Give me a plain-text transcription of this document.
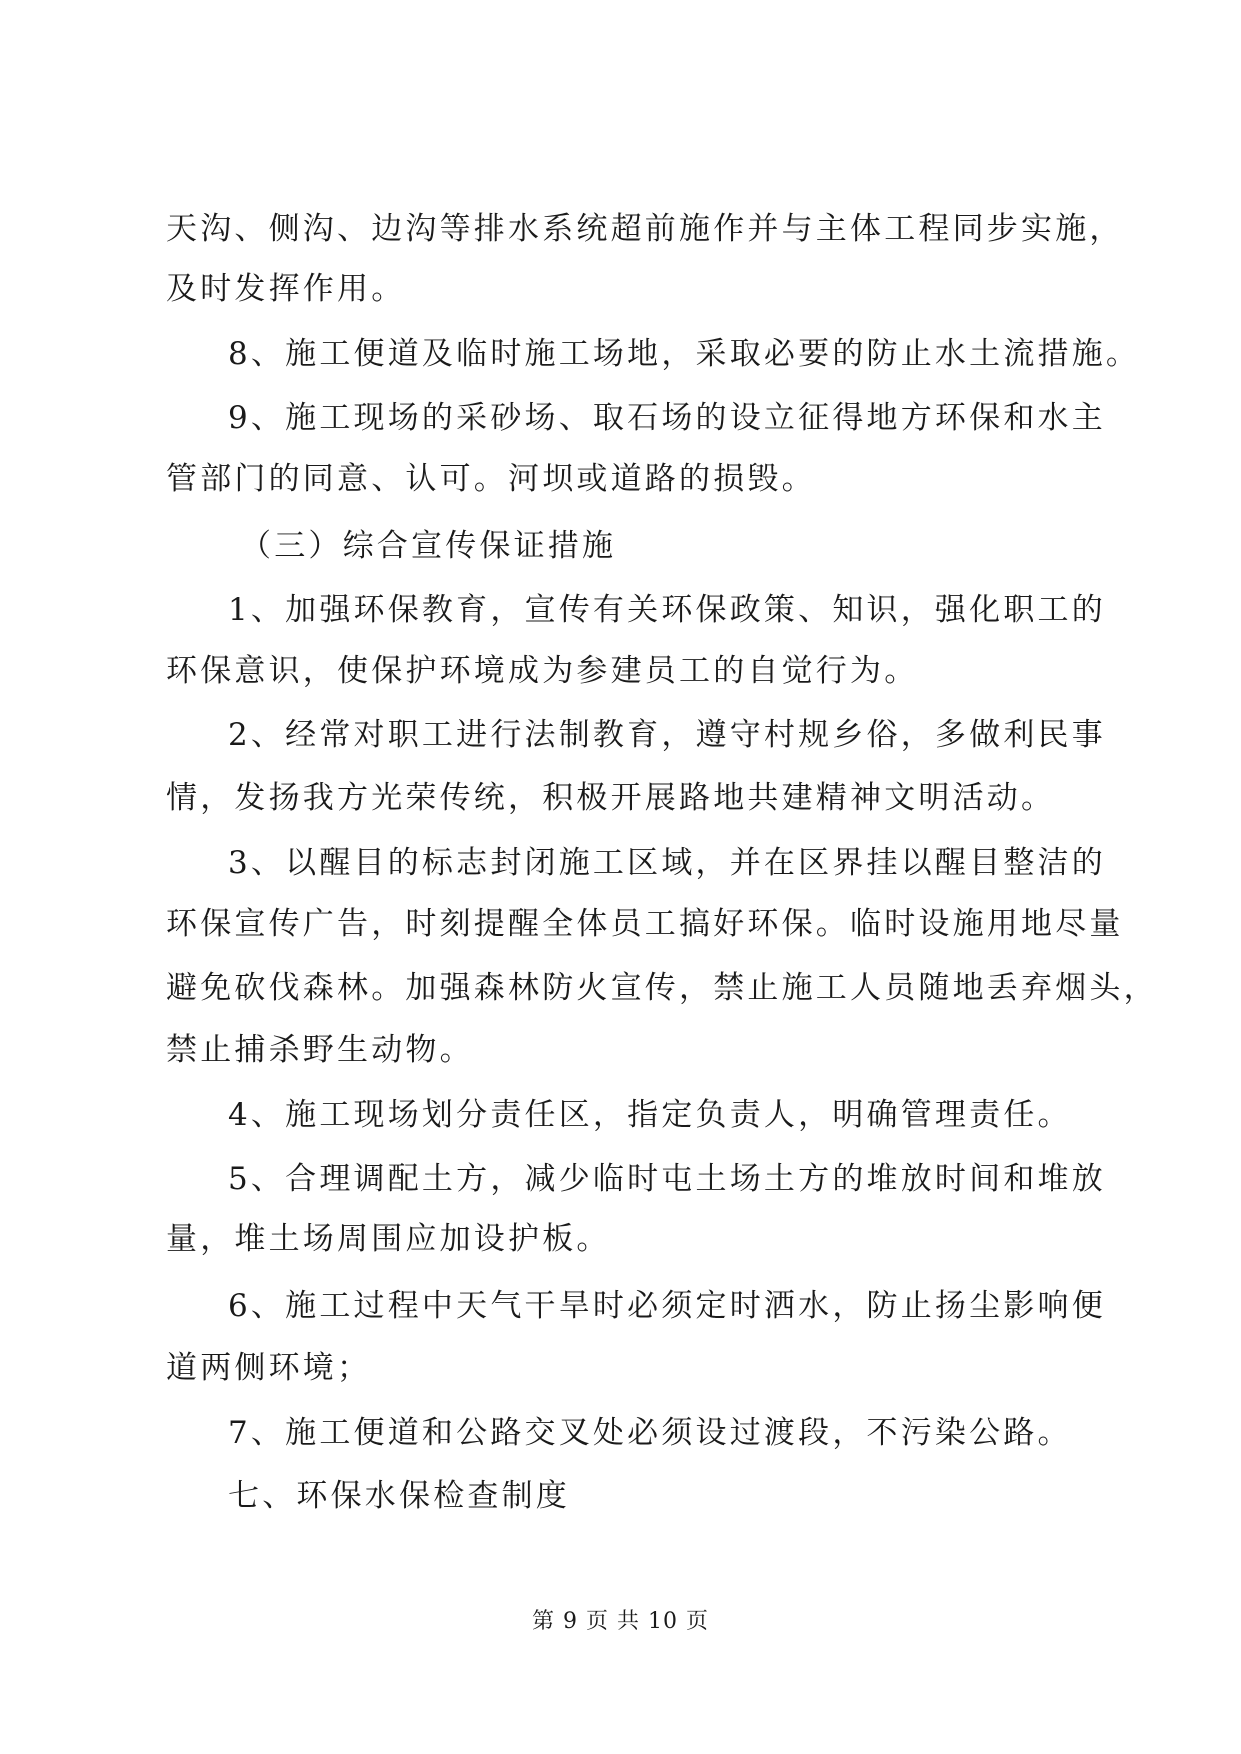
天沟、侧沟、边沟等排水系统超前施作并与主体工程同步实施，
及时发挥作用。
8、施工便道及临时施工场地，采取必要的防止水土流措施。
9、施工现场的采砂场、取石场的设立征得地方环保和水主
管部门的同意、认可。河坝或道路的损毁。
（三）综合宣传保证措施
1、加强环保教育，宣传有关环保政策、知识，强化职工的
环保意识，使保护环境成为参建员工的自觉行为。
2、经常对职工进行法制教育，遵守村规乡俗，多做利民事
情，发扬我方光荣传统，积极开展路地共建精神文明活动。
3、以醒目的标志封闭施工区域，并在区界挂以醒目整洁的
环保宣传广告，时刻提醒全体员工搞好环保。临时设施用地尽量
避免砍伐森林。加强森林防火宣传，禁止施工人员随地丢弃烟头，
禁止捕杀野生动物。
4、施工现场划分责任区，指定负责人，明确管理责任。
5、合理调配土方，减少临时屯土场土方的堆放时间和堆放
量，堆土场周围应加设护板。
6、施工过程中天气干旱时必须定时洒水，防止扬尘影响便
道两侧环境；
7、施工便道和公路交叉处必须设过渡段，不污染公路。
七、环保水保检查制度
第 9 页 共 10 页
